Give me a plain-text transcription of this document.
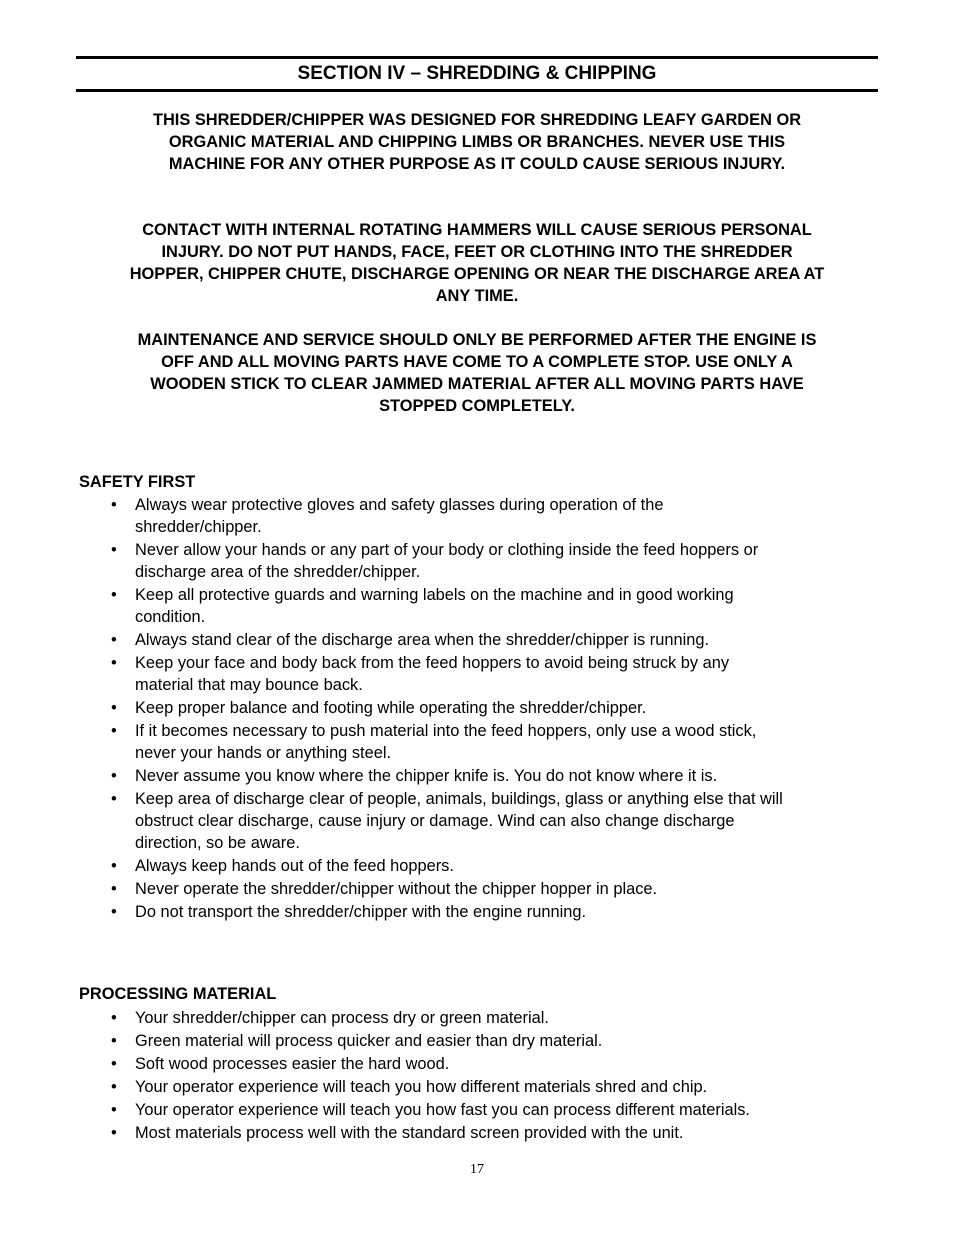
SECTION IV – SHREDDING & CHIPPING
THIS SHREDDER/CHIPPER WAS DESIGNED FOR SHREDDING LEAFY GARDEN OR
ORGANIC MATERIAL AND CHIPPING LIMBS OR BRANCHES. NEVER USE THIS
MACHINE FOR ANY OTHER PURPOSE AS IT COULD CAUSE SERIOUS INJURY.
CONTACT WITH INTERNAL ROTATING HAMMERS WILL CAUSE SERIOUS PERSONAL
INJURY. DO NOT PUT HANDS, FACE, FEET OR CLOTHING INTO THE SHREDDER
HOPPER, CHIPPER CHUTE, DISCHARGE OPENING OR NEAR THE DISCHARGE AREA AT
ANY TIME.
MAINTENANCE AND SERVICE SHOULD ONLY BE PERFORMED AFTER THE ENGINE IS
OFF AND ALL MOVING PARTS HAVE COME TO A COMPLETE STOP. USE ONLY A
WOODEN STICK TO CLEAR JAMMED MATERIAL AFTER ALL MOVING PARTS HAVE
STOPPED COMPLETELY.
SAFETY FIRST
• Always wear protective gloves and safety glasses during operation of the
shredder/chipper.
• Never allow your hands or any part of your body or clothing inside the feed hoppers or
discharge area of the shredder/chipper.
• Keep all protective guards and warning labels on the machine and in good working
condition.
• Always stand clear of the discharge area when the shredder/chipper is running.
• Keep your face and body back from the feed hoppers to avoid being struck by any
material that may bounce back.
• Keep proper balance and footing while operating the shredder/chipper.
• If it becomes necessary to push material into the feed hoppers, only use a wood stick,
never your hands or anything steel.
• Never assume you know where the chipper knife is. You do not know where it is.
• Keep area of discharge clear of people, animals, buildings, glass or anything else that will
obstruct clear discharge, cause injury or damage. Wind can also change discharge
direction, so be aware.
• Always keep hands out of the feed hoppers.
• Never operate the shredder/chipper without the chipper hopper in place.
• Do not transport the shredder/chipper with the engine running.
PROCESSING MATERIAL
• Your shredder/chipper can process dry or green material.
• Green material will process quicker and easier than dry material.
• Soft wood processes easier the hard wood.
• Your operator experience will teach you how different materials shred and chip.
• Your operator experience will teach you how fast you can process different materials.
• Most materials process well with the standard screen provided with the unit.
17
